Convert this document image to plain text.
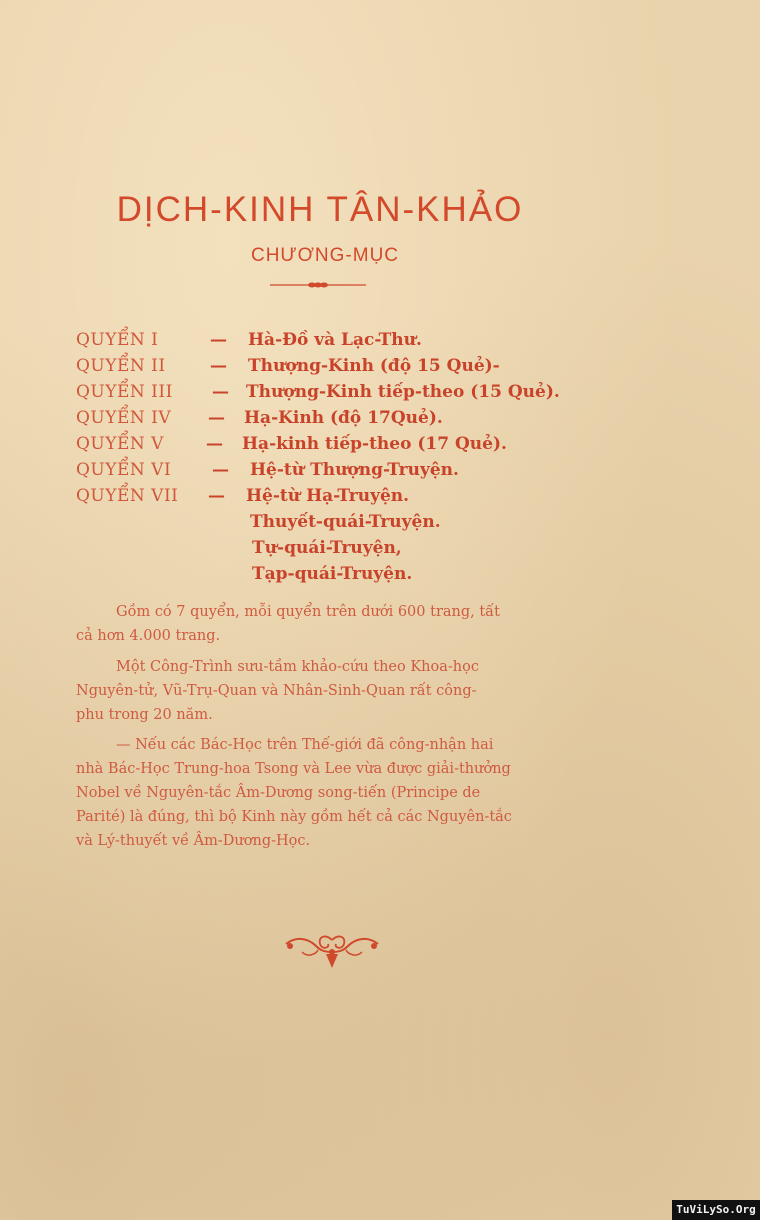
DỊCH-KINH TÂN-KHẢO
CHƯƠNG-MỤC
QUYỂN I	— Hà-Đồ và Lạc-Thư.
QUYỂN II	— Thượng-Kinh (độ 15 Quẻ)-
QUYỂN III — Thượng-Kinh tiếp-theo (15 Quẻ).
QUYỂN IV — Hạ-Kinh (độ 17Quẻ).
QUYỂN V — Hạ-kinh tiếp-theo (17 Quẻ).
QUYỂN VI — Hệ-từ Thượng-Truyện.
QUYỂN VII — Hệ-từ Hạ-Truyện.
Thuyết-quái-Truyện.
Tự-quái-Truyện,
Tạp-quái-Truyện.
Gồm có 7 quyển, mỗi quyển trên dưới 600 trang, tất
cả hơn 4.000 trang.
Một Công-Trình sưu-tầm khảo-cứu theo Khoa-học
Nguyên-tử, Vũ-Trụ-Quan và Nhân-Sinh-Quan rất công-
phu trong 20 năm.
— Nếu các Bác-Học trên Thế-giới đã công-nhận hai
nhà Bác-Học Trung-hoa Tsong và Lee vừa được giải-thưởng
Nobel về Nguyên-tắc Âm-Dương song-tiến (Principe de
Parité) là đúng, thì bộ Kinh này gồm hết cả các Nguyên-tắc
và Lý-thuyết về Âm-Dương-Học.
TuViLySo.Org
